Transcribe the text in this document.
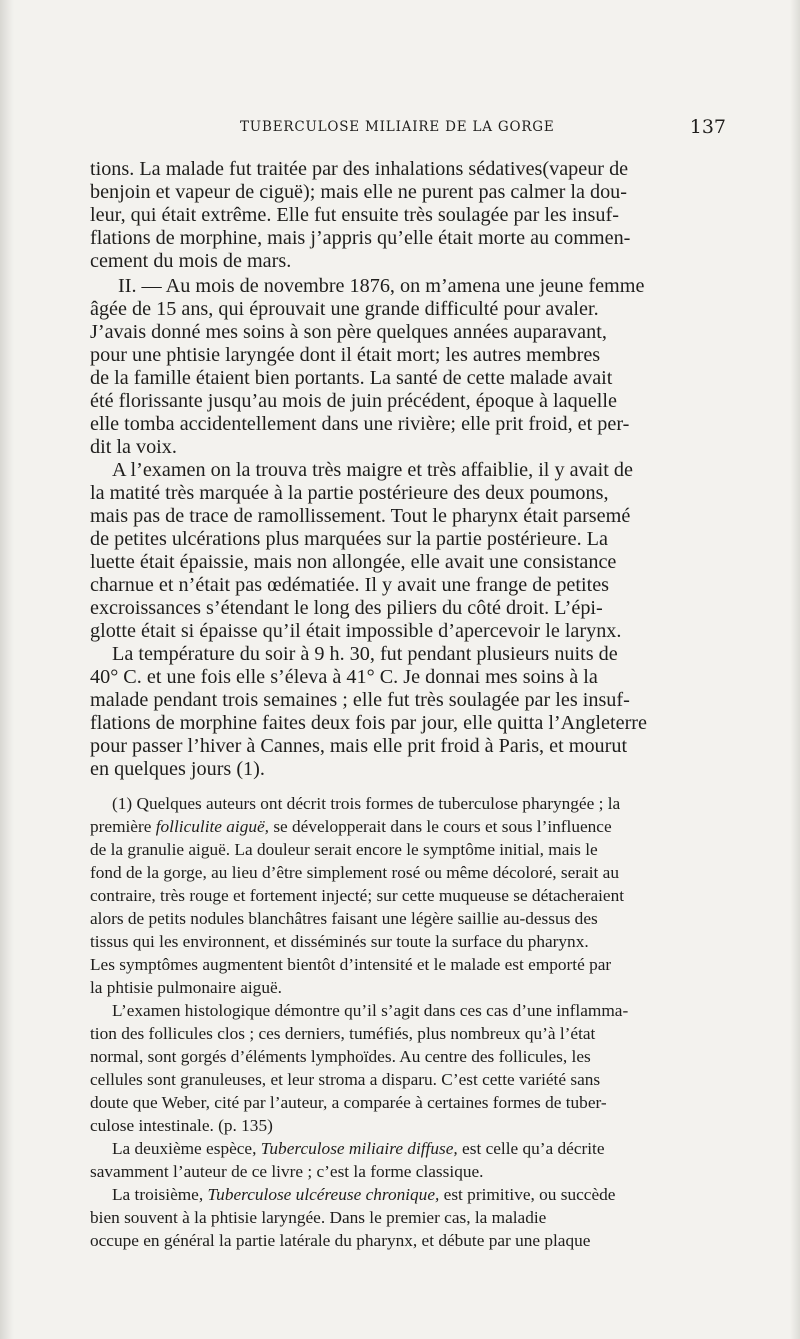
TUBERCULOSE MILIAIRE DE LA GORGE	137
tions. La malade fut traitée par des inhalations sédatives(vapeur de
benjoin et vapeur de ciguë); mais elle ne purent pas calmer la dou-
leur, qui était extrême. Elle fut ensuite très soulagée par les insuf-
flations de morphine, mais j’appris qu’elle était morte au commen-
cement du mois de mars.
II. — Au mois de novembre 1876, on m’amena une jeune femme
âgée de 15 ans, qui éprouvait une grande difficulté pour avaler.
J’avais donné mes soins à son père quelques années auparavant,
pour une phtisie laryngée dont il était mort; les autres membres
de la famille étaient bien portants. La santé de cette malade avait
été florissante jusqu’au mois de juin précédent, époque à laquelle
elle tomba accidentellement dans une rivière; elle prit froid, et per-
dit la voix.
A l’examen on la trouva très maigre et très affaiblie, il y avait de
la matité très marquée à la partie postérieure des deux poumons,
mais pas de trace de ramollissement. Tout le pharynx était parsemé
de petites ulcérations plus marquées sur la partie postérieure. La
luette était épaissie, mais non allongée, elle avait une consistance
charnue et n’était pas œdématiée. Il y avait une frange de petites
excroissances s’étendant le long des piliers du côté droit. L’épi-
glotte était si épaisse qu’il était impossible d’apercevoir le larynx.
La température du soir à 9 h. 30, fut pendant plusieurs nuits de
40° C. et une fois elle s’éleva à 41° C. Je donnai mes soins à la
malade pendant trois semaines ; elle fut très soulagée par les insuf-
flations de morphine faites deux fois par jour, elle quitta l’Angleterre
pour passer l’hiver à Cannes, mais elle prit froid à Paris, et mourut
en quelques jours (1).
(1) Quelques auteurs ont décrit trois formes de tuberculose pharyngée ; la
première folliculite aiguë, se développerait dans le cours et sous l’influence
de la granulie aiguë. La douleur serait encore le symptôme initial, mais le
fond de la gorge, au lieu d’être simplement rosé ou même décoloré, serait au
contraire, très rouge et fortement injecté; sur cette muqueuse se détacheraient
alors de petits nodules blanchâtres faisant une légère saillie au-dessus des
tissus qui les environnent, et disséminés sur toute la surface du pharynx.
Les symptômes augmentent bientôt d’intensité et le malade est emporté par
la phtisie pulmonaire aiguë.
L’examen histologique démontre qu’il s’agit dans ces cas d’une inflamma-
tion des follicules clos ; ces derniers, tuméfiés, plus nombreux qu’à l’état
normal, sont gorgés d’éléments lymphoïdes. Au centre des follicules, les
cellules sont granuleuses, et leur stroma a disparu. C’est cette variété sans
doute que Weber, cité par l’auteur, a comparée à certaines formes de tuber-
culose intestinale. (p. 135)
La deuxième espèce, Tuberculose miliaire diffuse, est celle qu’a décrite
savamment l’auteur de ce livre ; c’est la forme classique.
La troisième, Tuberculose ulcéreuse chronique, est primitive, ou succède
bien souvent à la phtisie laryngée. Dans le premier cas, la maladie
occupe en général la partie latérale du pharynx, et débute par une plaque
